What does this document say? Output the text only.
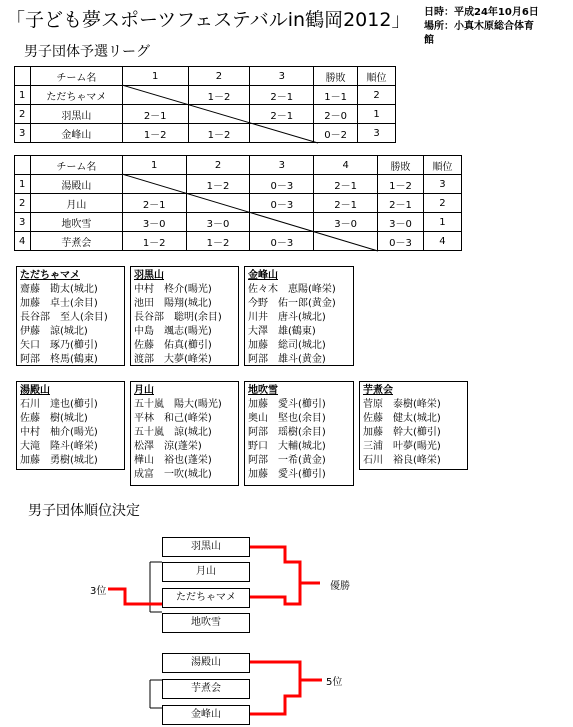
「子ども夢スポーツフェステバルin鶴岡2012」 日時：平成24年10月6日
場所：小真木原総合体育
館
男子団体予選リーグ
	チーム名	1	2	3	勝敗	順位
1	ただちゃマメ		1－2	2－1	1－1	2
2	羽黒山	2－1		2－1	2－0	1
3	金峰山	1－2	1－2		0－2	3
	チーム名	1	2	3	4	勝敗	順位
1	湯殿山		1－2	0－3	2－1	1－2	3
2	月山	2－1		0－3	2－1	2－1	2
3	地吹雪	3－0	3－0		3－0	3－0	1
4	芋煮会	1－2	1－2	0－3		0－3	4
ただちゃマメ
齋藤　勘太(城北)
加藤　卓士(余目)
長谷部　至人(余目)
伊藤　諒(城北)
矢口　琢乃(櫛引)
阿部　柊馬(鶴東)
羽黒山
中村　柊介(暘光)
池田　陽翔(城北)
長谷部　聡明(余目)
中島　颯志(暘光)
佐藤　佑真(櫛引)
渡部　大夢(峰栄)
金峰山
佐々木　恵陽(峰栄)
今野　佑一郎(黄金)
川井　唐斗(城北)
大澤　雄(鶴東)
加藤　総司(城北)
阿部　雄斗(黄金)
湯殿山
石川　達也(櫛引)
佐藤　樹(城北)
中村　柚介(暘光)
大滝　隆斗(峰栄)
加藤　勇樹(城北)
月山
五十嵐　陽大(暘光)
平林　和己(峰栄)
五十嵐　諒(城北)
松澤　涼(蓬栄)
樺山　裕也(蓬栄)
成富　一吹(城北)
地吹雪
加藤　愛斗(櫛引)
奥山　堅也(余目)
阿部　瑶樹(余目)
野口　大輔(城北)
阿部　一希(黄金)
加藤　愛斗(櫛引)
芋煮会
菅原　泰樹(峰栄)
佐藤　健太(城北)
加藤　幹大(櫛引)
三浦　叶夢(暘光)
石川　裕良(峰栄)
男子団体順位決定
羽黒山
月山
ただちゃマメ
地吹雪
湯殿山
芋煮会
金峰山
優勝
3位
5位
